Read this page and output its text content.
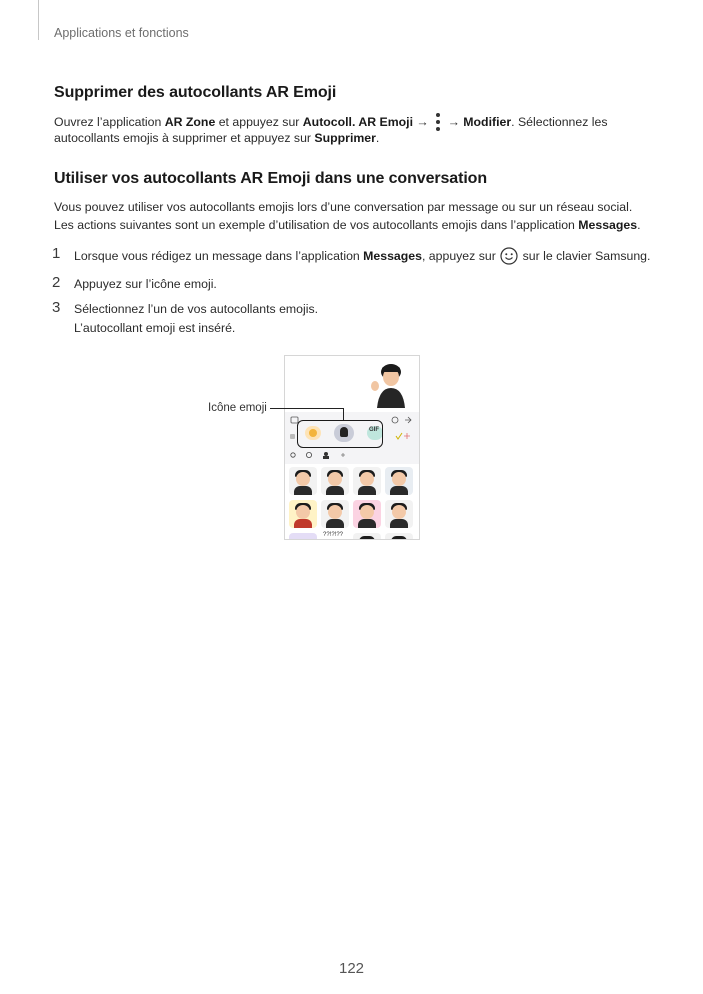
Applications et fonctions
Supprimer des autocollants AR Emoji
Ouvrez l’application AR Zone et appuyez sur Autocoll. AR Emoji →
→ Modifier. Sélectionnez les
autocollants emojis à supprimer et appuyez sur Supprimer.
Utiliser vos autocollants AR Emoji dans une conversation
Vous pouvez utiliser vos autocollants emojis lors d’une conversation par message ou sur un réseau social.
Les actions suivantes sont un exemple d’utilisation de vos autocollants emojis dans l’application Messages.
1 Lorsque vous rédigez un message dans l’application Messages, appuyez sur  sur le clavier Samsung.
2 Appuyez sur l’icône emoji.
3 Sélectionnez l’un de vos autocollants emojis.
L’autocollant emoji est inséré.
GIF
??!?!??
Icône emoji
122
